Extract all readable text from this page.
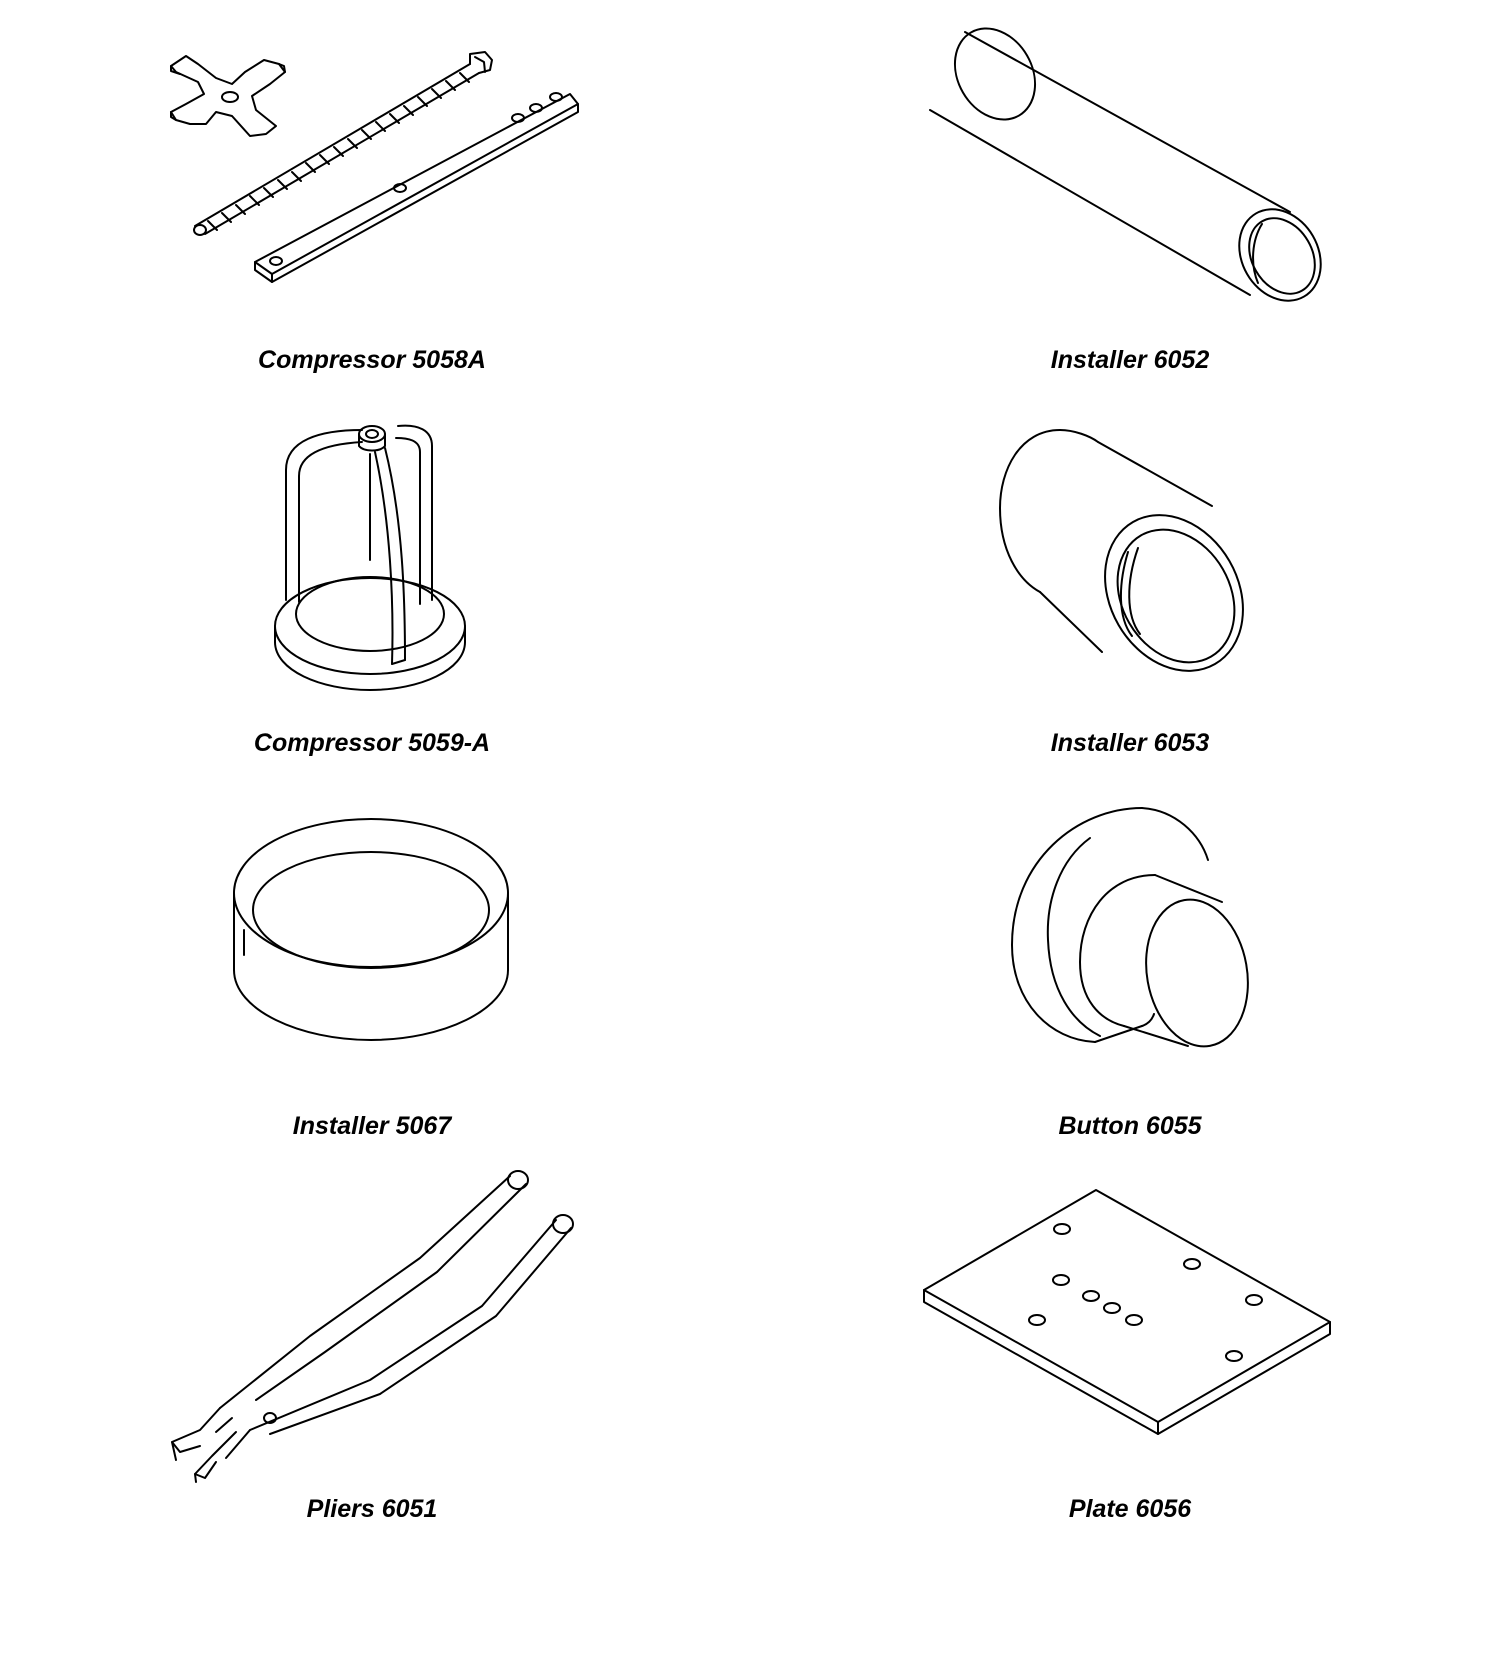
Compressor 5058A	Installer 6052
Compressor 5059-A	Installer 6053
Installer 5067	Button 6055
Pliers 6051	Plate 6056
